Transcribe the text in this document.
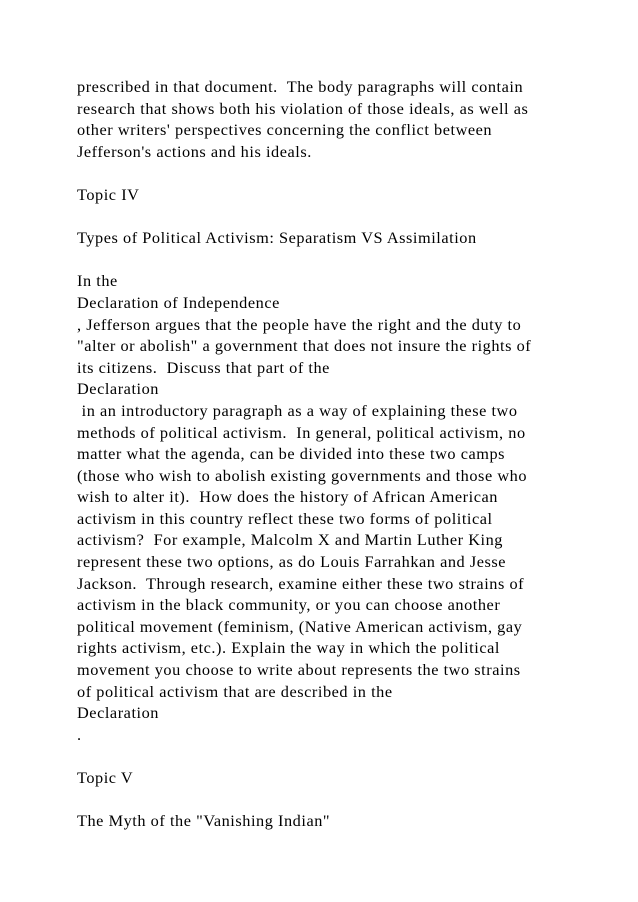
prescribed in that document.  The body paragraphs will contain
research that shows both his violation of those ideals, as well as
other writers' perspectives concerning the conflict between
Jefferson's actions and his ideals.
Topic IV
Types of Political Activism: Separatism VS Assimilation
In the
Declaration of Independence
, Jefferson argues that the people have the right and the duty to
"alter or abolish" a government that does not insure the rights of
its citizens.  Discuss that part of the
Declaration
in an introductory paragraph as a way of explaining these two
methods of political activism.  In general, political activism, no
matter what the agenda, can be divided into these two camps
(those who wish to abolish existing governments and those who
wish to alter it).  How does the history of African American
activism in this country reflect these two forms of political
activism?  For example, Malcolm X and Martin Luther King
represent these two options, as do Louis Farrahkan and Jesse
Jackson.  Through research, examine either these two strains of
activism in the black community, or you can choose another
political movement (feminism, (Native American activism, gay
rights activism, etc.). Explain the way in which the political
movement you choose to write about represents the two strains
of political activism that are described in the
Declaration
.
Topic V
The Myth of the "Vanishing Indian"
